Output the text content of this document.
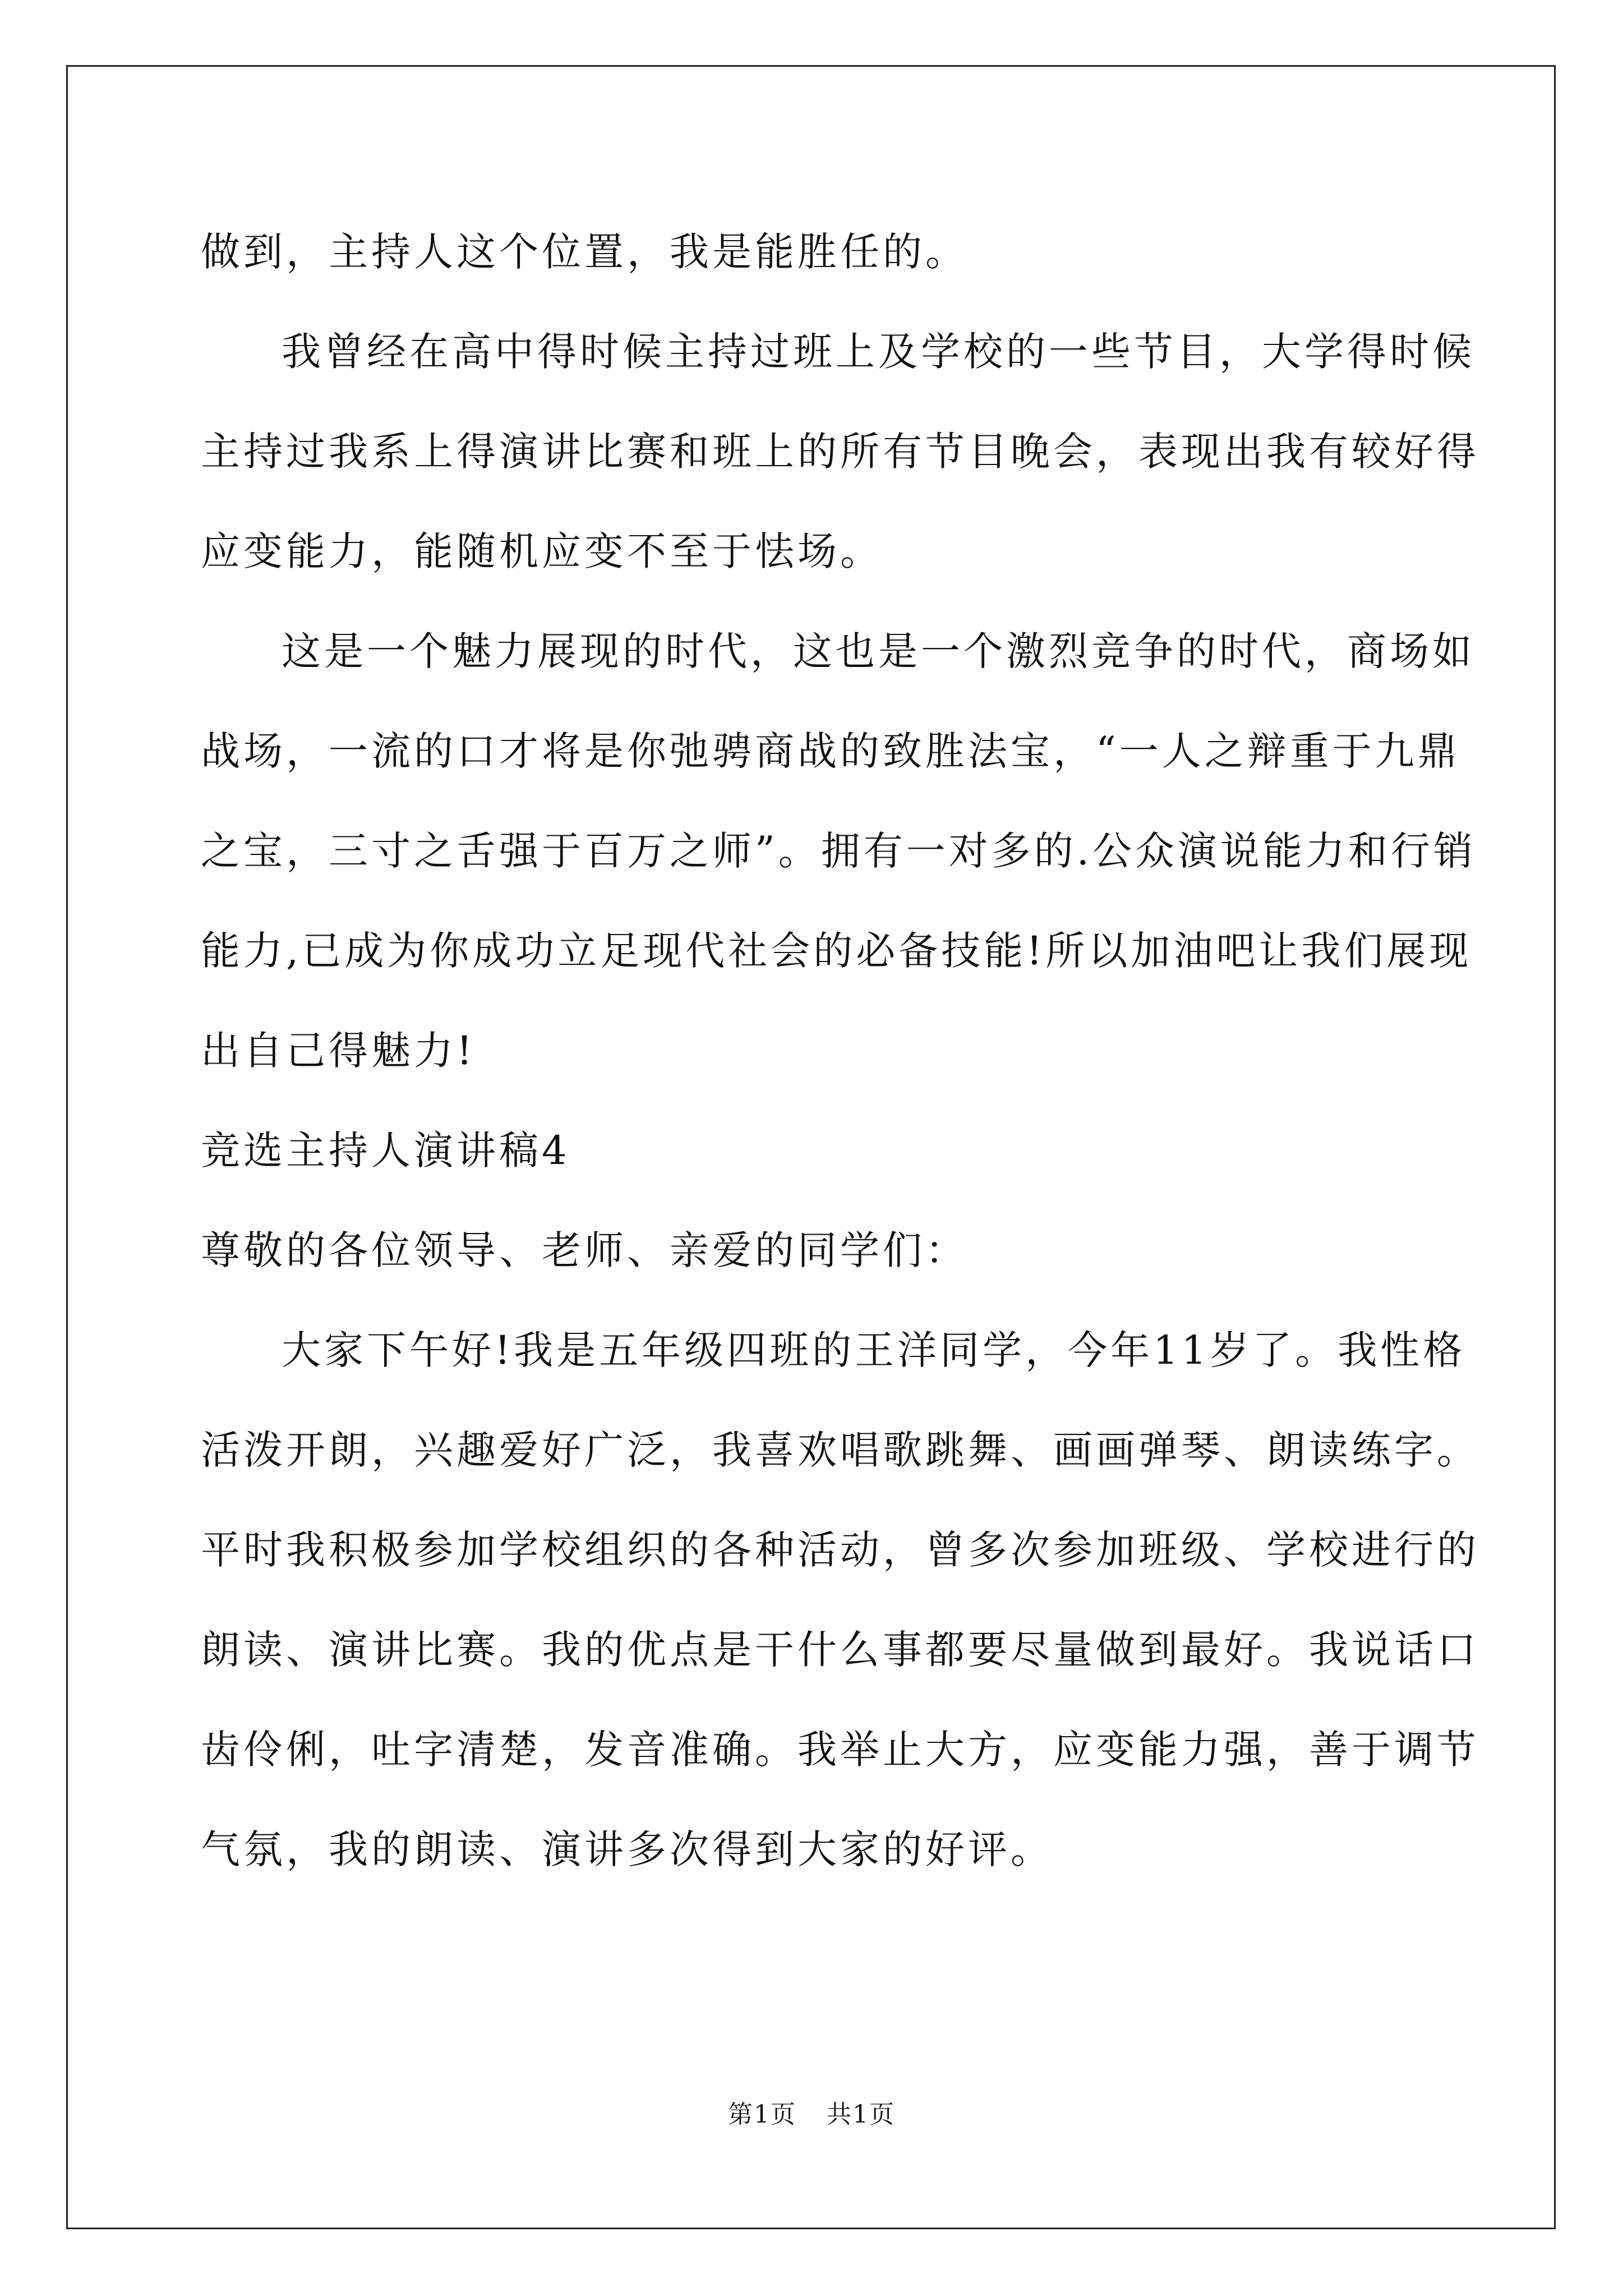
做到，主持人这个位置，我是能胜任的。
我曾经在高中得时候主持过班上及学校的一些节目，大学得时候
主持过我系上得演讲比赛和班上的所有节目晚会，表现出我有较好得
应变能力，能随机应变不至于怯场。
这是一个魅力展现的时代，这也是一个激烈竞争的时代，商场如
战场，一流的口才将是你弛骋商战的致胜法宝，“一人之辩重于九鼎
之宝，三寸之舌强于百万之师”。拥有一对多的.公众演说能力和行销
能力,已成为你成功立足现代社会的必备技能!所以加油吧让我们展现
出自己得魅力!
竞选主持人演讲稿4
尊敬的各位领导、老师、亲爱的同学们：
大家下午好!我是五年级四班的王洋同学，今年11岁了。我性格
活泼开朗，兴趣爱好广泛，我喜欢唱歌跳舞、画画弹琴、朗读练字。
平时我积极参加学校组织的各种活动，曾多次参加班级、学校进行的
朗读、演讲比赛。我的优点是干什么事都要尽量做到最好。我说话口
齿伶俐，吐字清楚，发音准确。我举止大方，应变能力强，善于调节
气氛，我的朗读、演讲多次得到大家的好评。
第1页 共1页
